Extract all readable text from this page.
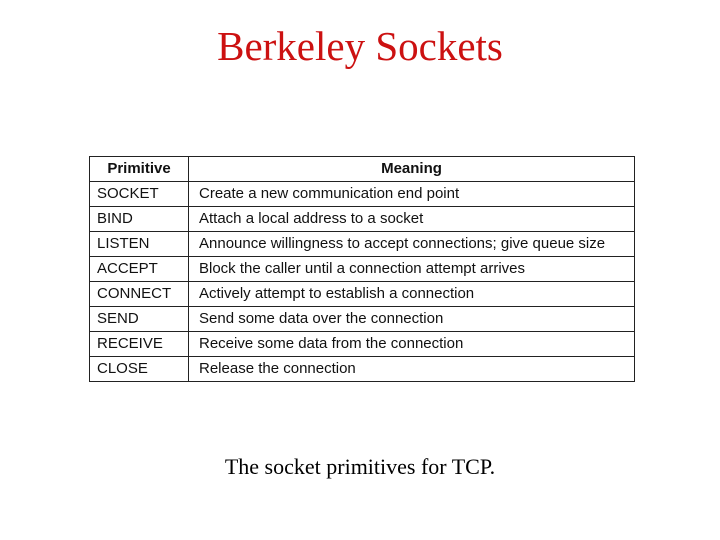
Berkeley Sockets
Primitive	Meaning
SOCKET	Create a new communication end point
BIND	Attach a local address to a socket
LISTEN	Announce willingness to accept connections; give queue size
ACCEPT	Block the caller until a connection attempt arrives
CONNECT	Actively attempt to establish a connection
SEND	Send some data over the connection
RECEIVE	Receive some data from the connection
CLOSE	Release the connection
The socket primitives for TCP.
